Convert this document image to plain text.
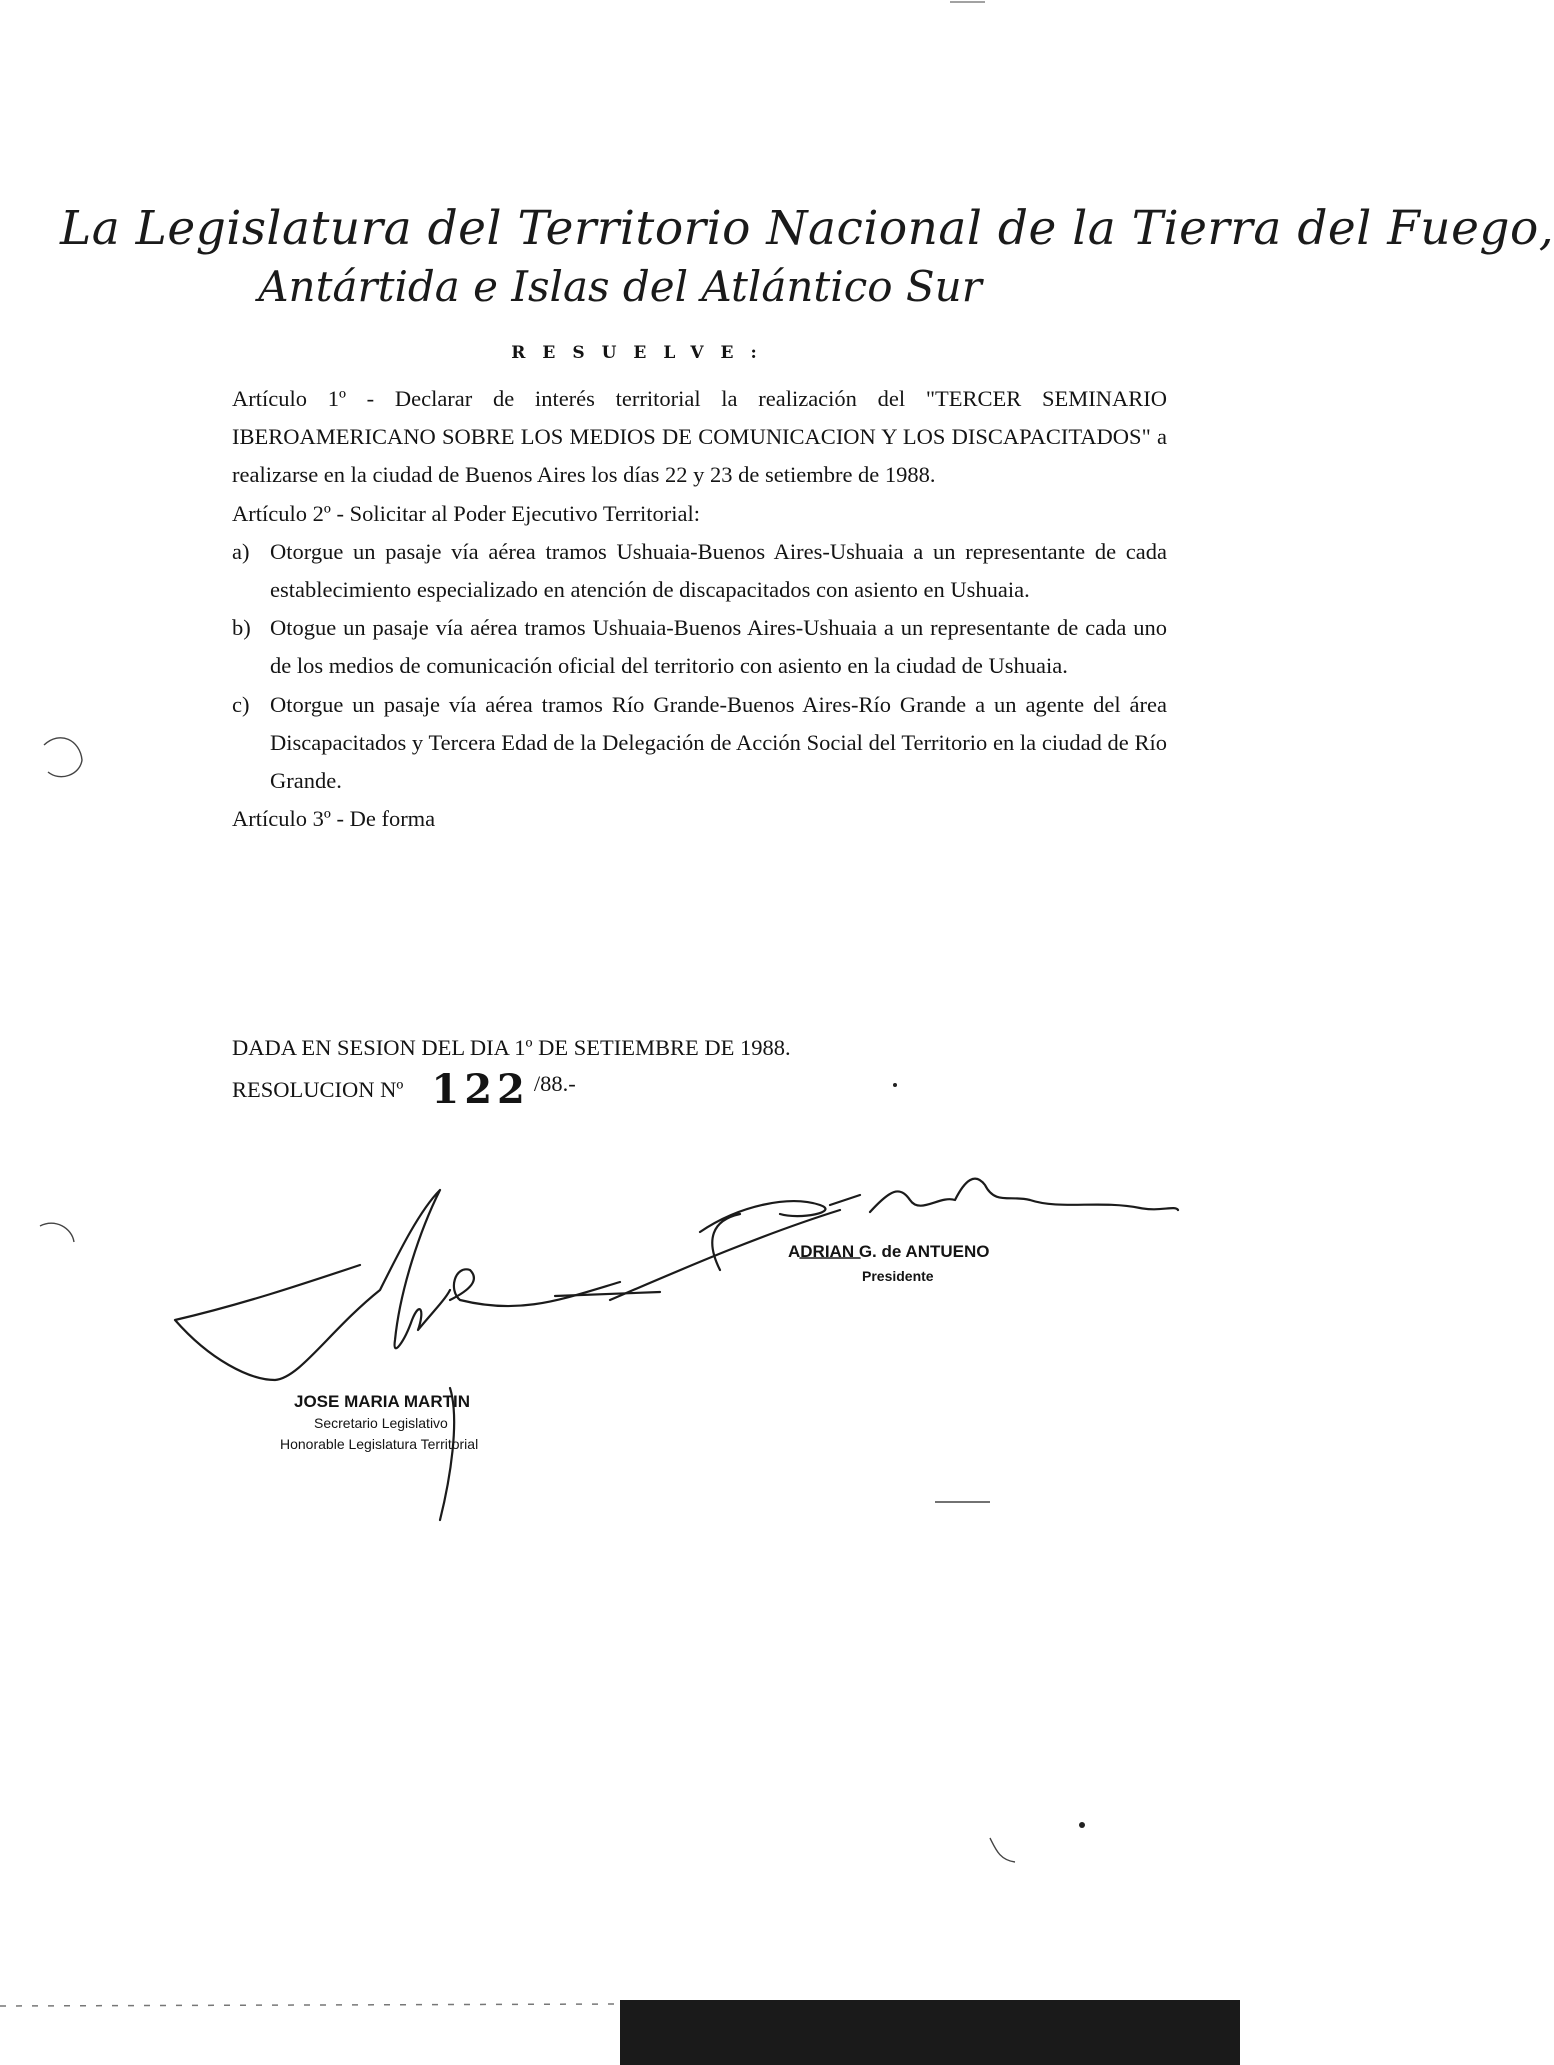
La Legislatura del Territorio Nacional de la Tierra del Fuego,
Antártida e Islas del Atlántico Sur
RESUELVE:

Artículo 1º - Declarar de interés territorial la realización del "TERCER SEMINARIO IBEROAMERICANO SOBRE LOS MEDIOS DE COMUNICACION Y LOS DISCAPACITADOS" a realizarse en la ciudad de Buenos Aires los días 22 y 23 de setiembre de 1988.

Artículo 2º - Solicitar al Poder Ejecutivo Territorial:

a) Otorgue un pasaje vía aérea tramos Ushuaia-Buenos Aires-Ushuaia a un representante de cada establecimiento especializado en atención de discapacitados con asiento en Ushuaia.
b) Otogue un pasaje vía aérea tramos Ushuaia-Buenos Aires-Ushuaia a un representante de cada uno de los medios de comunicación oficial del territorio con asiento en la ciudad de Ushuaia.
c) Otorgue un pasaje vía aérea tramos Río Grande-Buenos Aires-Río Grande a un agente del área Discapacitados y Tercera Edad de la Delegación de Acción Social del Territorio en la ciudad de Río Grande.

Artículo 3º - De forma

DADA EN SESION DEL DIA 1º DE SETIEMBRE DE 1988.
RESOLUCION Nº 122 /88.-
ADRIAN G. de ANTUENO
Presidente
JOSE MARIA MARTIN
Secretario Legislativo
Honorable Legislatura Territorial
